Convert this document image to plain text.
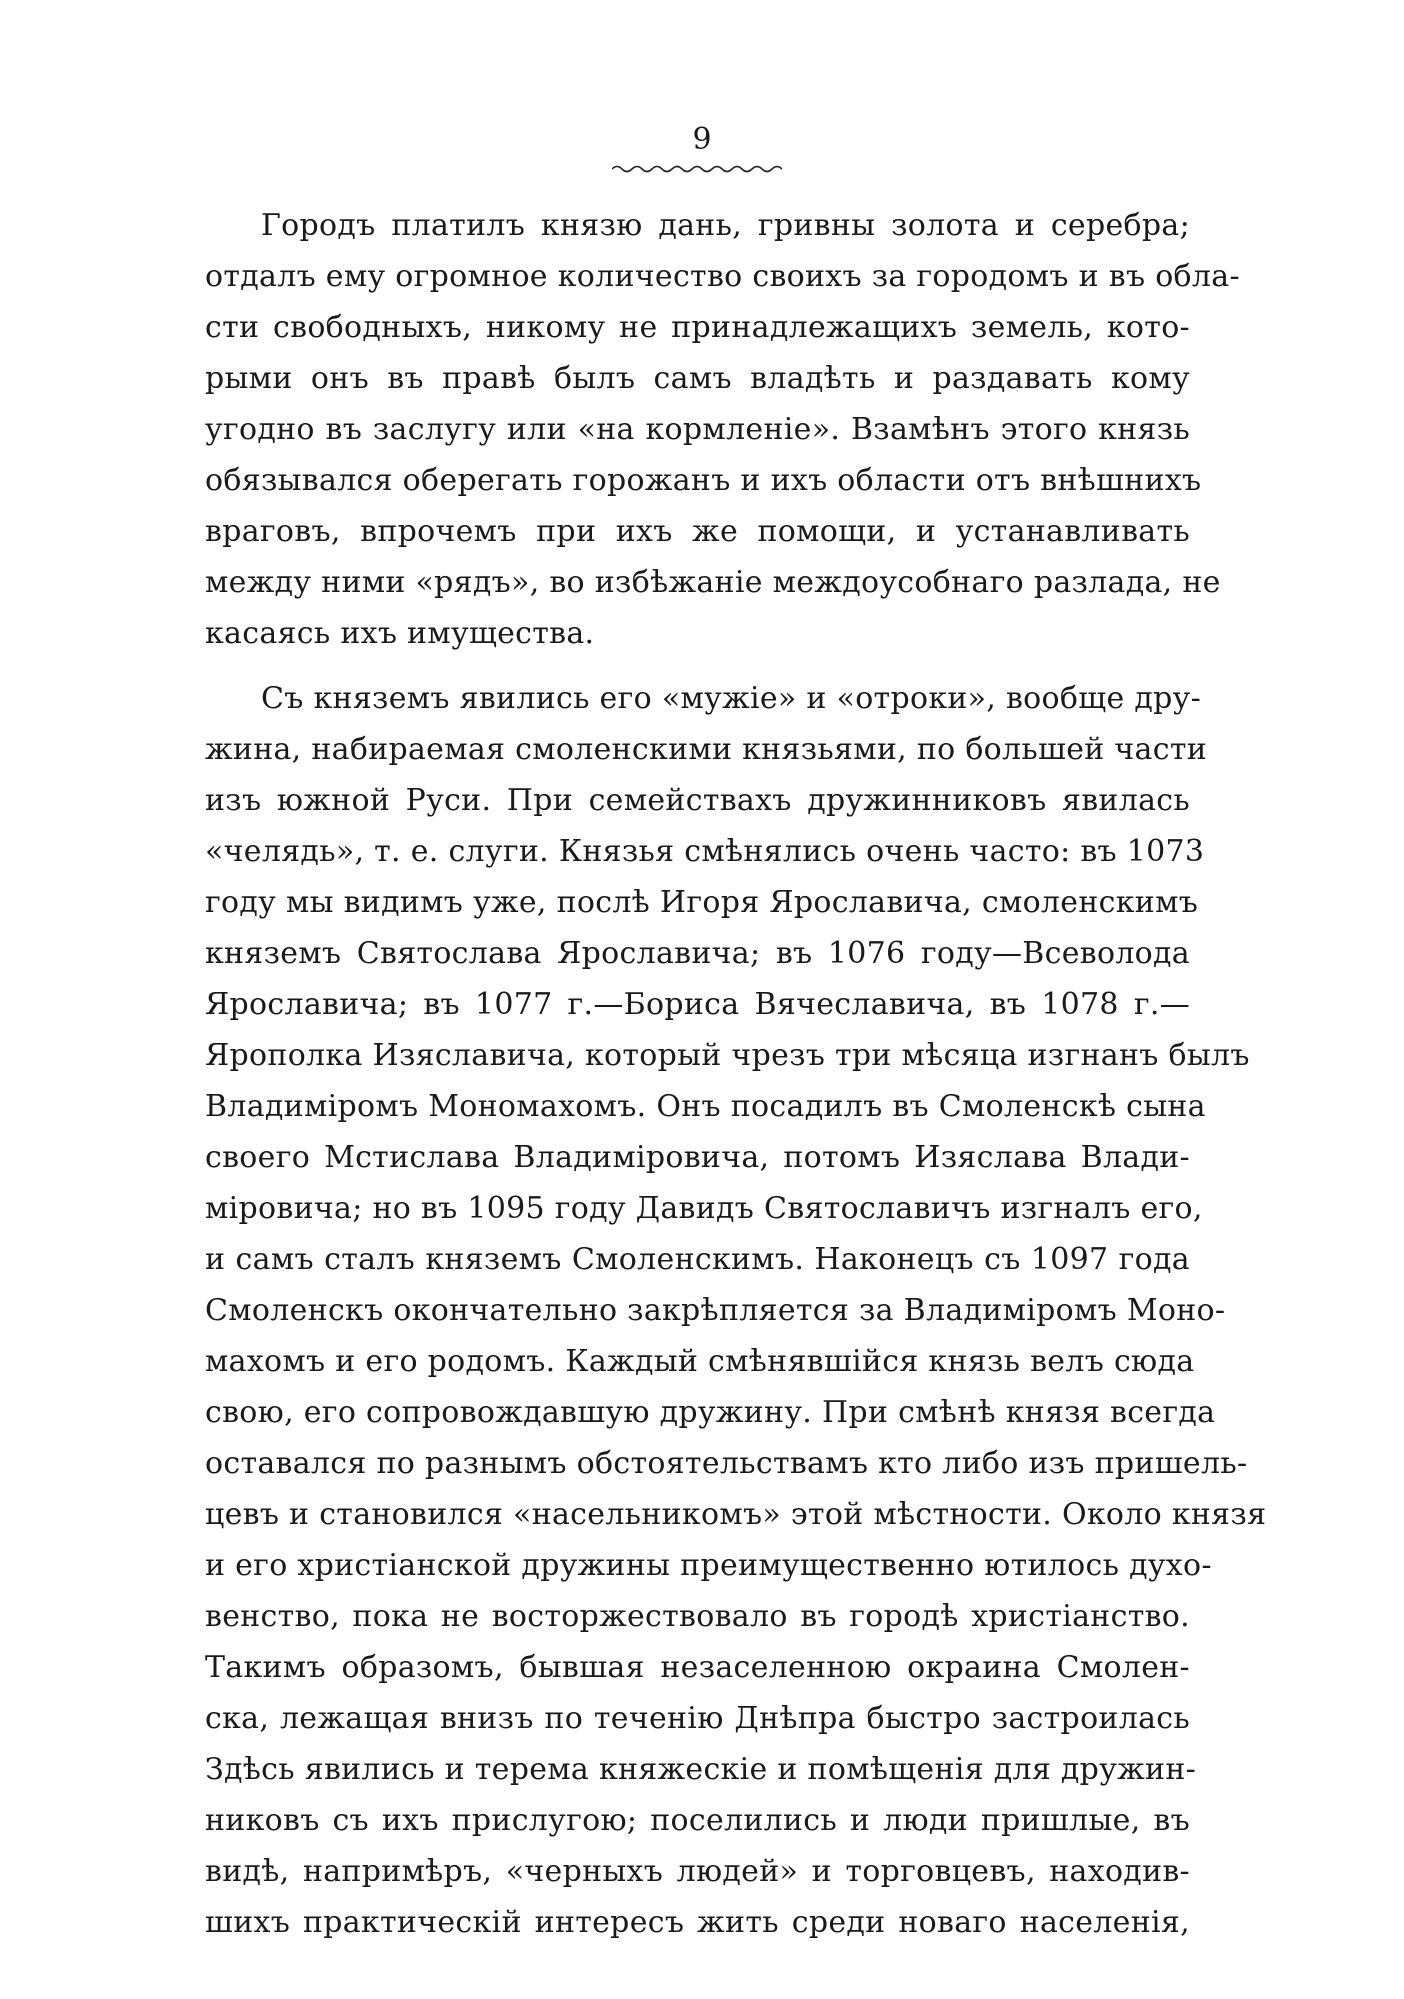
9
Городъ платилъ князю дань, гривны золота и серебра;
отдалъ ему огромное количество своихъ за городомъ и въ обла-
сти свободныхъ, никому не принадлежащихъ земель, кото-
рыми онъ въ правѣ былъ самъ владѣть и раздавать кому
угодно въ заслугу или «на кормленіе». Взамѣнъ этого князь
обязывался оберегать горожанъ и ихъ области отъ внѣшнихъ
враговъ, впрочемъ при ихъ же помощи, и устанавливать
между ними «рядъ», во избѣжаніе междоусобнаго разлада, не
касаясь ихъ имущества.
Съ княземъ явились его «мужіе» и «отроки», вообще дру-
жина, набираемая смоленскими князьями, по большей части
изъ южной Руси. При семействахъ дружинниковъ явилась
«челядь», т. е. слуги. Князья смѣнялись очень часто: въ 1073
году мы видимъ уже, послѣ Игоря Ярославича, смоленскимъ
княземъ Святослава Ярославича; въ 1076 году—Всеволода
Ярославича; въ 1077 г.—Бориса Вячеславича, въ 1078 г.—
Ярополка Изяславича, который чрезъ три мѣсяца изгнанъ былъ
Владиміромъ Мономахомъ. Онъ посадилъ въ Смоленскѣ сына
своего Мстислава Владиміровича, потомъ Изяслава Влади-
міровича; но въ 1095 году Давидъ Святославичъ изгналъ его,
и самъ сталъ княземъ Смоленскимъ. Наконецъ съ 1097 года
Смоленскъ окончательно закрѣпляется за Владиміромъ Моно-
махомъ и его родомъ. Каждый смѣнявшійся князь велъ сюда
свою, его сопровождавшую дружину. При смѣнѣ князя всегда
оставался по разнымъ обстоятельствамъ кто либо изъ пришель-
цевъ и становился «насельникомъ» этой мѣстности. Около князя
и его христіанской дружины преимущественно ютилось духо-
венство, пока не восторжествовало въ городѣ христіанство.
Такимъ образомъ, бывшая незаселенною окраина Смолен-
ска, лежащая внизъ по теченію Днѣпра быстро застроилась
Здѣсь явились и терема княжескіе и помѣщенія для дружин-
никовъ съ ихъ прислугою; поселились и люди пришлые, въ
видѣ, напримѣръ, «черныхъ людей» и торговцевъ, находив-
шихъ практическій интересъ жить среди новаго населенія,
